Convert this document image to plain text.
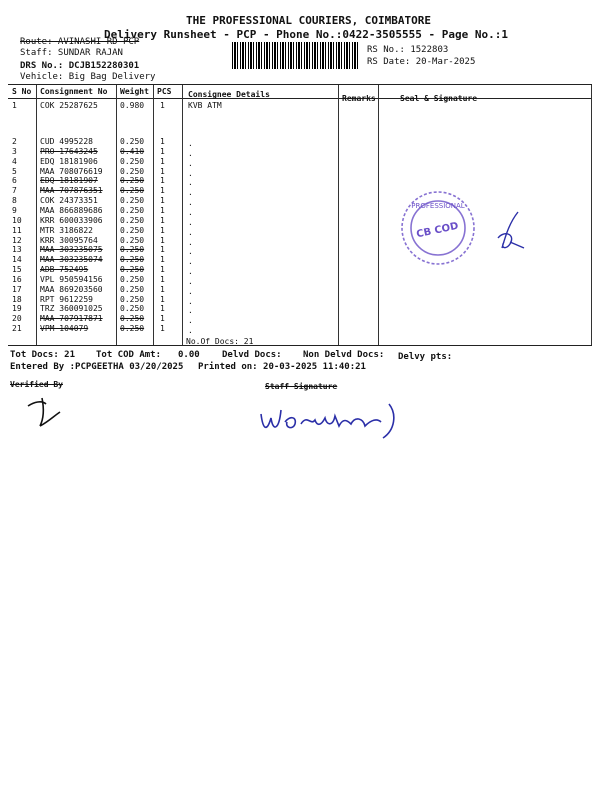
THE PROFESSIONAL COURIERS, COIMBATORE
Delivery Runsheet - PCP - Phone No.:0422-3505555 - Page No.:1
Route: AVINASHI RD PCP
Staff: SUNDAR RAJAN
DRS No.: DCJB152280301
Vehicle: Big Bag Delivery
RS No.: 1522803
RS Date: 20-Mar-2025
S No Consignment No Weight PCS Consignee Details	Remarks	Seal & Signature
1	COK 25287625	0.980 1	KVB ATM
2	CUD 4995228	0.250 1	.
3	PRO 17643245	0.410 1	.
4	EDQ 18181906	0.250 1	.
5	MAA 708076619 0.250 1	.
6	EDQ 18181907	0.250 1	.
7	MAA 707876351 0.250 1	.
8	COK 24373351	0.250 1	.
9	MAA 866889686 0.250 1	.
10 KRR 600033906 0.250 1	.
11 MTR 3186822	0.250 1	.
12 KRR 30095764	0.250 1	.
13 MAA 303235075 0.250 1	.
14 MAA 303235074 0.250 1	.
15 ADB 752495	0.250 1	.
16 VPL 950594156 0.250 1	.
17 MAA 869203560 0.250 1	.
18 RPT 9612259	0.250 1	.
19 TRZ 360091025 0.250 1	.
20 MAA 707917871 0.250 1	.
21 VPM 104079	0.250 1	.
No.Of Docs: 21
Tot Docs: 21 Tot COD Amt: 0.00 Delvd Docs: Non Delvd Docs: Delvy pts:
Entered By :PCPGEETHA 03/20/2025 Printed on: 20-03-2025 11:40:21
Verified By	Staff Signature
PROFESSIONAL
CB COD
